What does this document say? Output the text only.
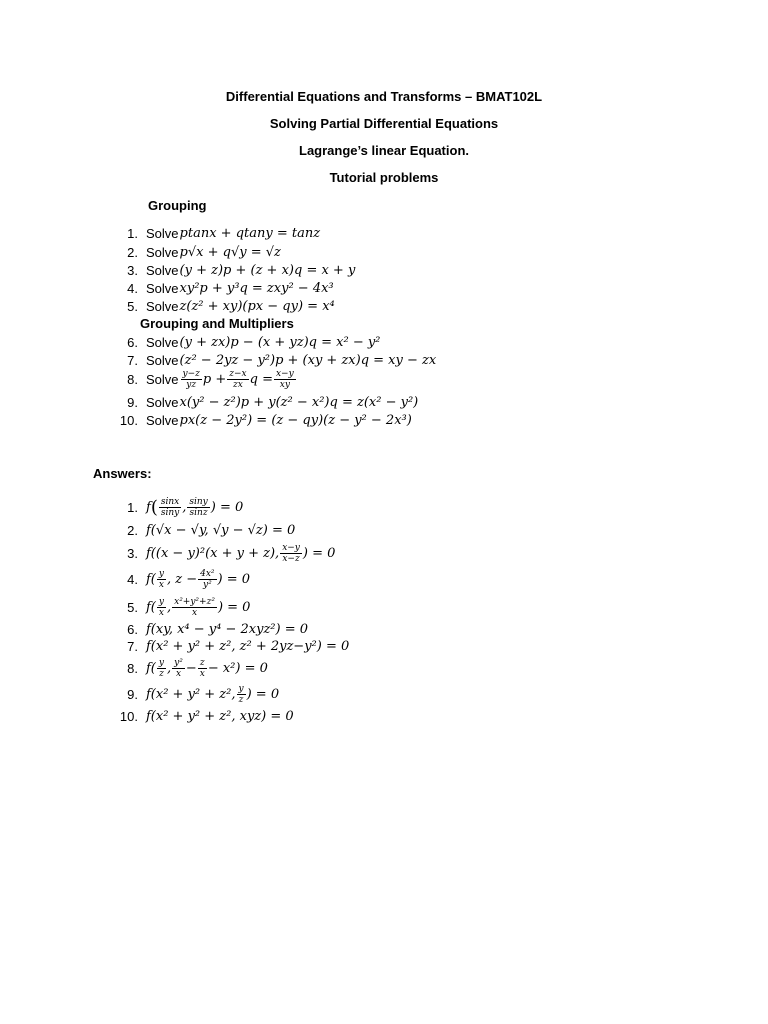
Differential Equations and Transforms – BMAT102L
Solving Partial Differential Equations
Lagrange’s linear Equation.
Tutorial problems
Grouping
1. Solve ptanx + qtany = tanz
2. Solve p√x + q√y = √z
3. Solve (y + z)p + (z + x)q = x + y
4. Solve xy²p + y³q = zxy² − 4x³
5. Solve z(z² + xy)(px − qy) = x⁴
Grouping and Multipliers
6. Solve (y + zx)p − (x + yz)q = x² − y²
7. Solve (z² − 2yz − y²)p + (xy + zx)q = xy − zx
8. Solve $\frac{y-z}{yz}$ $p + \frac{z-x}{zx}$ $q = \frac{x-y}{xy}$
9. Solve x(y² − z²)p + y(z² − x²)q = z(x² − y²)
10. Solve px(z − 2y²) = (z − qy)(z − y² − 2x³)
Answers:
1. f ( $\frac{\sin x}{\sin y}$ , $\frac{\sin y}{\sin z}$ ) = 0
2. f(√x − √y, √y − √z) = 0
3. f((x − y)²(x + y + z), $\frac{x-y}{x-z}$ ) = 0
4. $f( \frac{y}{x}$ , $z - \frac{\text{4x²}}{\text{y²}}$ ) = 0
5. $f( \frac{y}{x}$ , $\frac{\text{x²+y²+z²}}{x}$ ) = 0
6. f(xy, x⁴ − y⁴ − 2xyz²) = 0
7. f(x² + y² + z², z² + 2yz−y²) = 0
8. $f( \frac{y}{z}$ , $\frac{\text{y²}}{x} - \frac{z}{x} - x^2) = 0$
9. f(x² + y² + z², $\frac{y}{z}$ ) = 0
10. f(x² + y² + z², xyz) = 0
